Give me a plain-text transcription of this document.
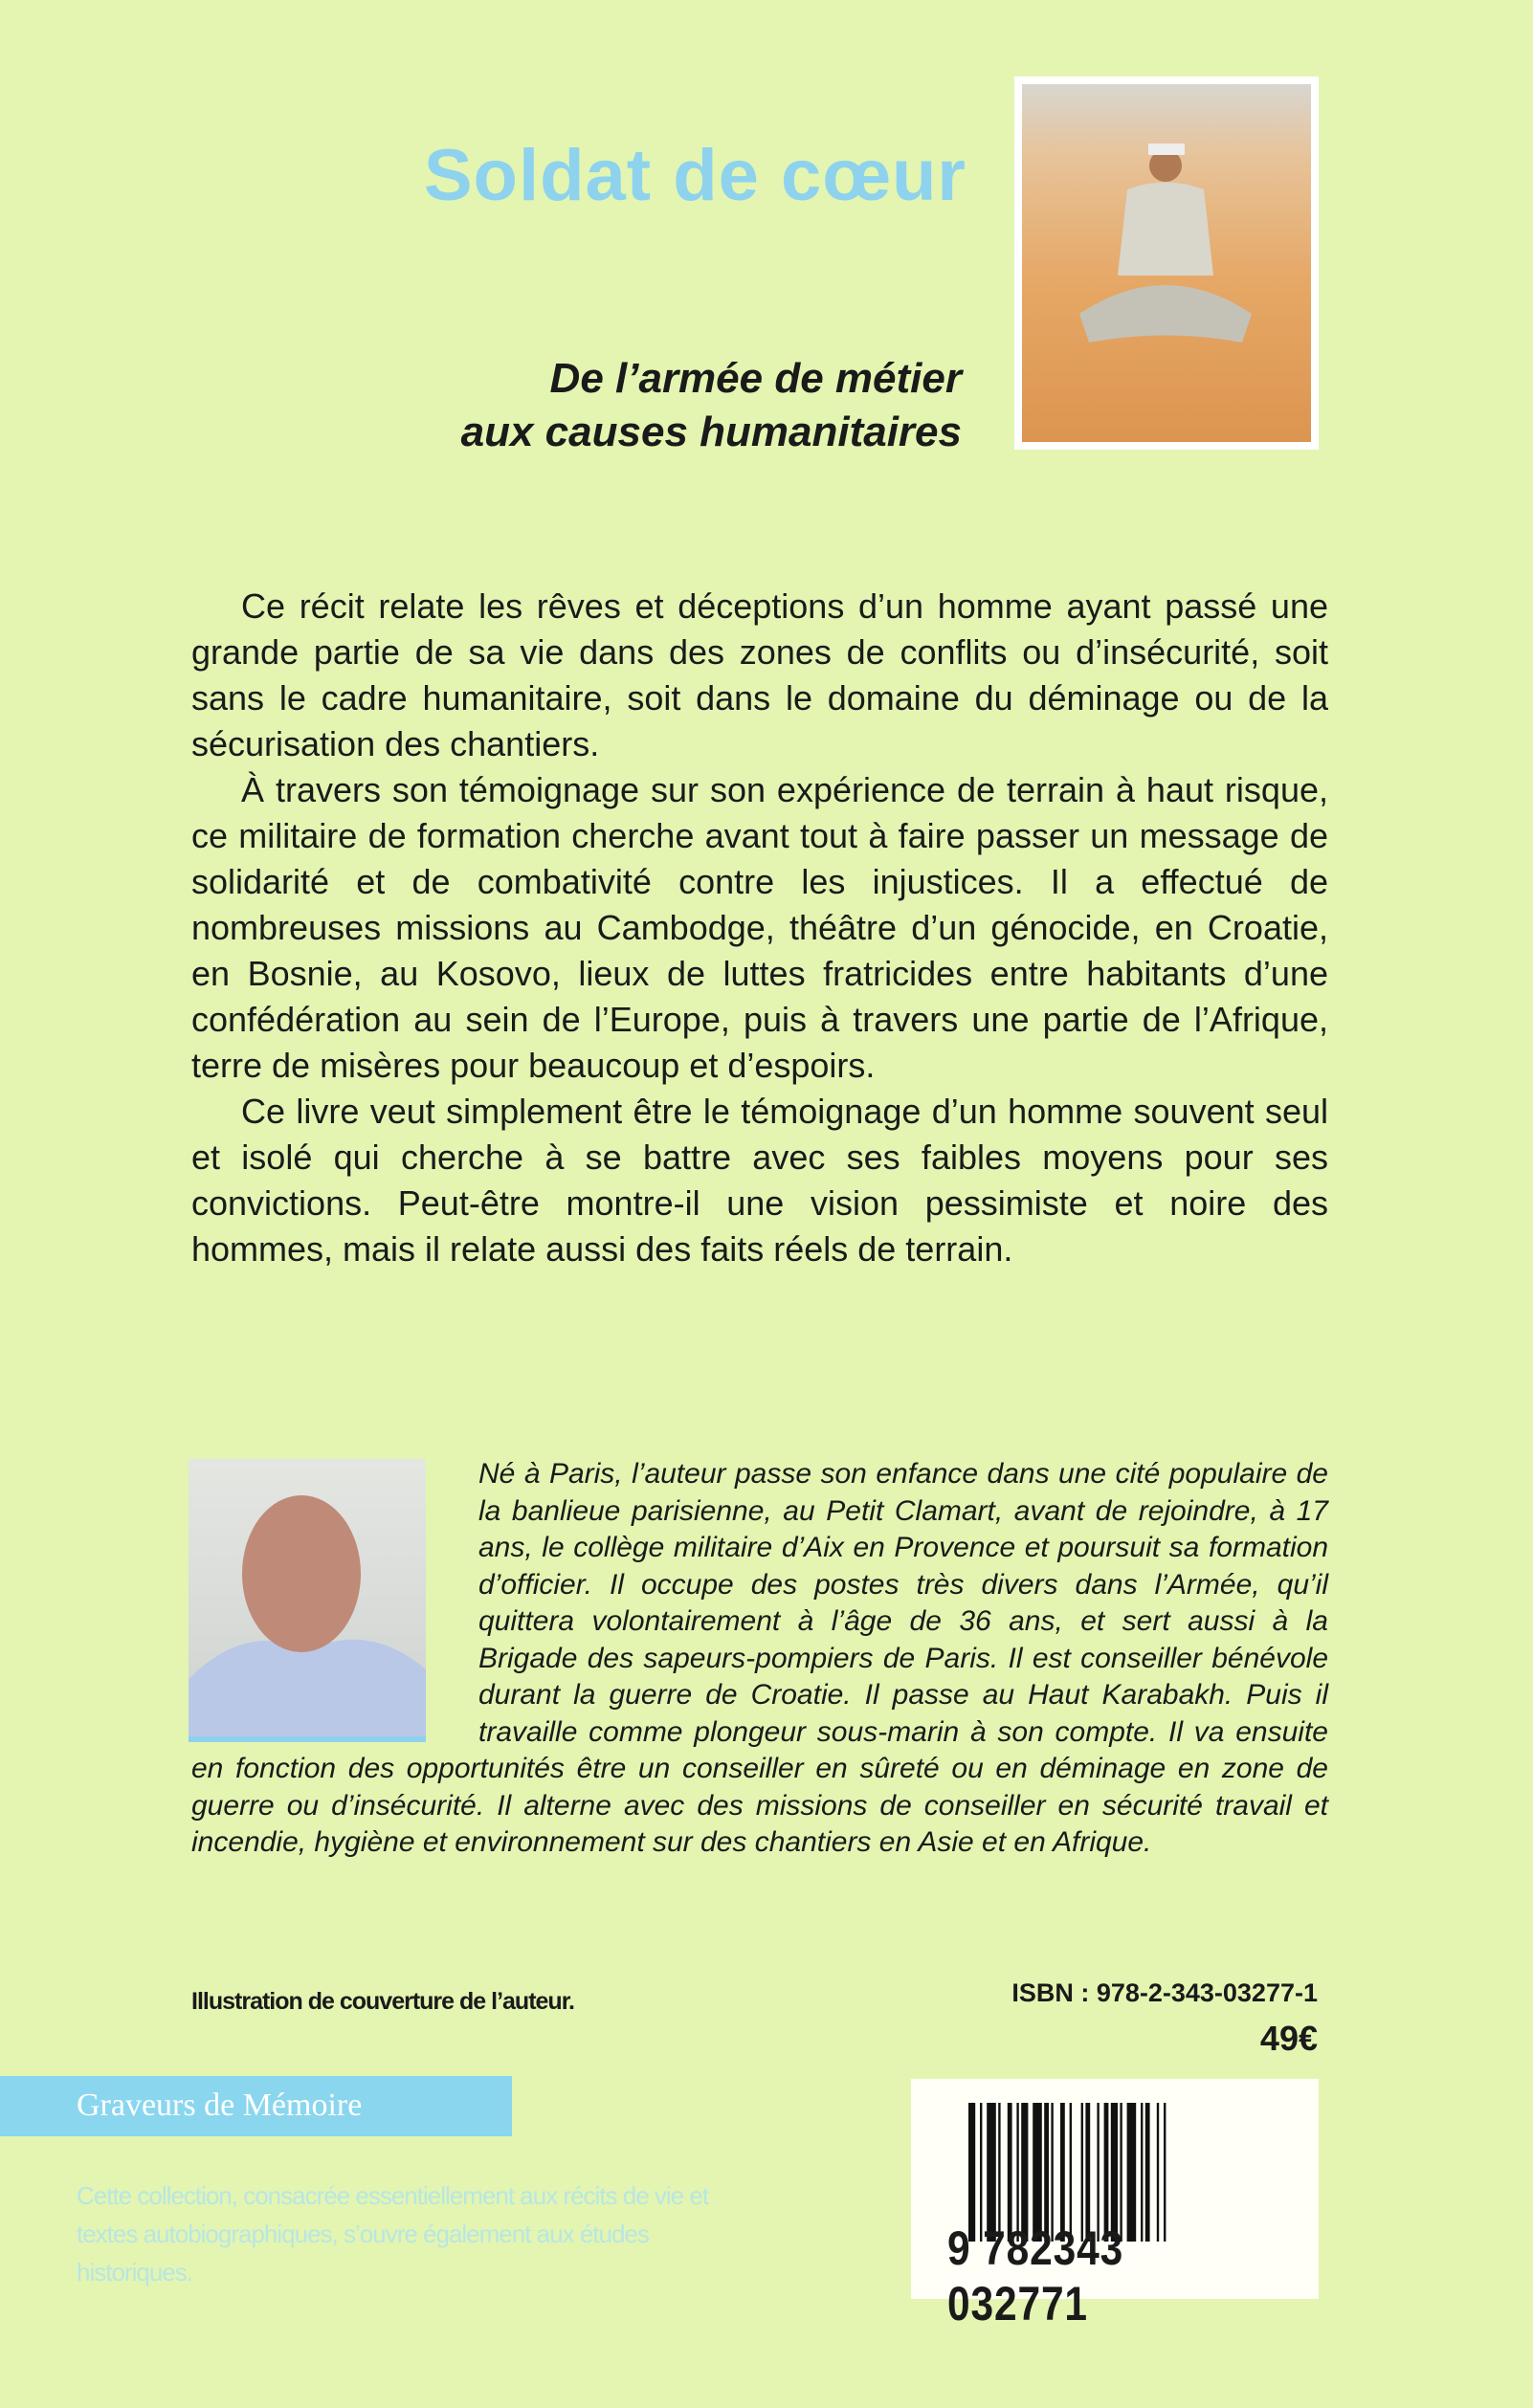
Soldat de cœur
De l’armée de métier
aux causes humanitaires

Ce récit relate les rêves et déceptions d’un homme ayant passé une grande partie de sa vie dans des zones de conflits ou d’insécurité, soit sans le cadre humanitaire, soit dans le domaine du déminage ou de la sécurisation des chantiers.

À travers son témoignage sur son expérience de terrain à haut risque, ce militaire de formation cherche avant tout à faire passer un message de solidarité et de combativité contre les injustices. Il a effectué de nombreuses missions au Cambodge, théâtre d’un génocide, en Croatie, en Bosnie, au Kosovo, lieux de luttes fratricides entre habitants d’une confédération au sein de l’Europe, puis à travers une partie de l’Afrique, terre de misères pour beaucoup et d’espoirs.

Ce livre veut simplement être le témoignage d’un homme souvent seul et isolé qui cherche à se battre avec ses faibles moyens pour ses convictions. Peut-être montre-il une vision pessimiste et noire des hommes, mais il relate aussi des faits réels de terrain.

Né à Paris, l’auteur passe son enfance dans une cité populaire de la banlieue parisienne, au Petit Clamart, avant de rejoindre, à 17 ans, le collège militaire d’Aix en Provence et poursuit sa formation d’officier. Il occupe des postes très divers dans l’Armée, qu’il quittera volontairement à l’âge de 36 ans, et sert aussi à la Brigade des sapeurs-pompiers de Paris. Il est conseiller bénévole durant la guerre de Croatie. Il passe au Haut Karabakh. Puis il travaille comme plongeur sous-marin à son compte. Il va ensuite en fonction des opportunités être un conseiller en sûreté ou en déminage en zone de guerre ou d’insécurité. Il alterne avec des missions de conseiller en sécurité travail et incendie, hygiène et environnement sur des chantiers en Asie et en Afrique.
Illustration de couverture de l’auteur.	ISBN : 978-2-343-03277-1
49€
Graveurs de Mémoire
Cette collection, consacrée essentiellement aux récits de vie et textes autobiographiques, s’ouvre également aux études historiques.	9 782343 032771
